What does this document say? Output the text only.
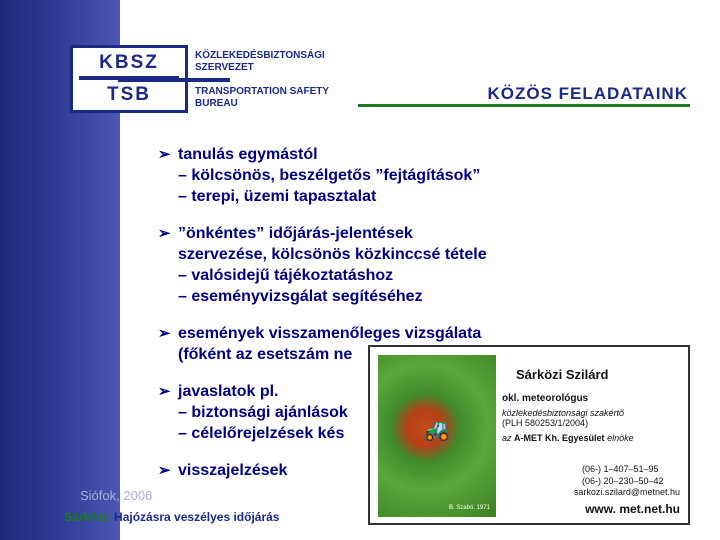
KBSZ
TSB
KÖZLEKEDÉSBIZTONSÁGI
SZERVEZET
TRANSPORTATION SAFETY
BUREAU
KÖZÖS FELADATAINK
➢ tanulás egymástól
– kölcsönös, beszélgetős ”fejtágítások”
– terepi, üzemi tapasztalat
➢ ”önkéntes” időjárás-jelentések
szervezése, kölcsönös közkinccsé tétele
– valósidejű tájékoztatáshoz
– eseményvizsgálat segítéséhez
➢ események visszamenőleges vizsgálata
(főként az esetszám ne
➢ javaslatok pl.
– biztonsági ajánlások
– célelőrejelzések kés
➢ visszajelzések
🚜
B. Szabó, 1971
Sárközi Szilárd
okl. meteorológus
közlekedésbiztonsági szakértő
(PLH 580253/1/2004)
az A-MET Kh. Egyesület elnöke
(06-) 1–407–51–95
(06-) 20–230–50–42
sarkozi.szilard@metnet.hu
www. met.net.hu
Siófok, 2006
Sárközi: Hajózásra veszélyes időjárás
